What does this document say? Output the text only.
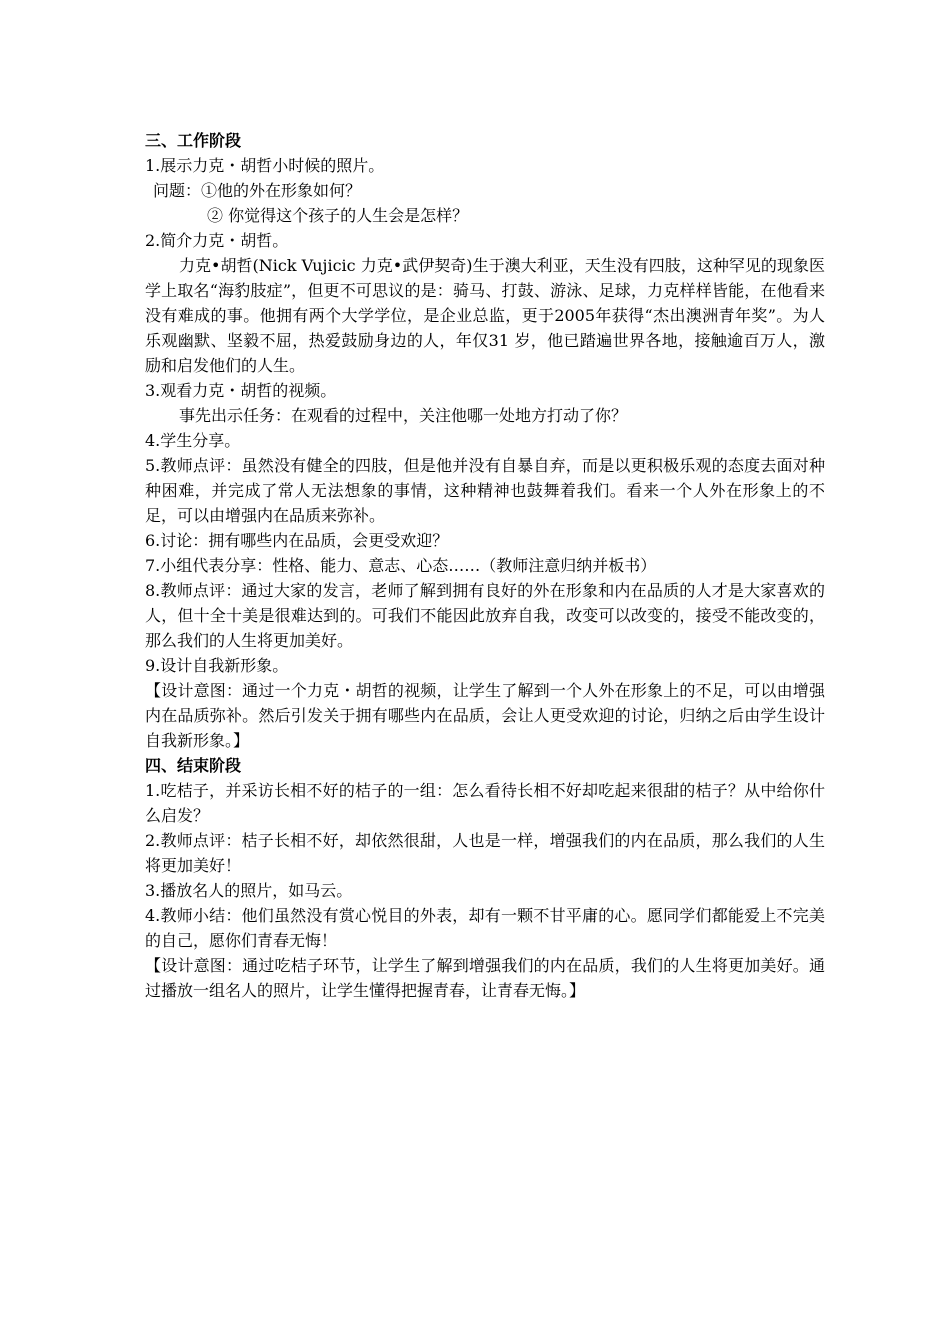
三、工作阶段
1.展示力克・胡哲小时候的照片。
问题：①他的外在形象如何？
② 你觉得这个孩子的人生会是怎样？
2.简介力克・胡哲。

力克•胡哲(Nick Vujicic 力克•武伊契奇)生于澳大利亚，天生没有四肢，这种罕见的现象医学上取名“海豹肢症”，但更不可思议的是：骑马、打鼓、游泳、足球，力克样样皆能，在他看来没有难成的事。他拥有两个大学学位，是企业总监，更于2005年获得“杰出澳洲青年奖”。为人乐观幽默、坚毅不屈，热爱鼓励身边的人，年仅31 岁，他已踏遍世界各地，接触逾百万人，激励和启发他们的人生。

3.观看力克・胡哲的视频。
事先出示任务：在观看的过程中，关注他哪一处地方打动了你？
4.学生分享。

5.教师点评：虽然没有健全的四肢，但是他并没有自暴自弃，而是以更积极乐观的态度去面对种种困难，并完成了常人无法想象的事情，这种精神也鼓舞着我们。看来一个人外在形象上的不足，可以由增强内在品质来弥补。

6.讨论：拥有哪些内在品质，会更受欢迎？
7.小组代表分享：性格、能力、意志、心态……（教师注意归纳并板书）

8.教师点评：通过大家的发言，老师了解到拥有良好的外在形象和内在品质的人才是大家喜欢的人，但十全十美是很难达到的。可我们不能因此放弃自我，改变可以改变的，接受不能改变的，那么我们的人生将更加美好。

9.设计自我新形象。

【设计意图：通过一个力克・胡哲的视频，让学生了解到一个人外在形象上的不足，可以由增强内在品质弥补。然后引发关于拥有哪些内在品质，会让人更受欢迎的讨论，归纳之后由学生设计自我新形象。】

四、结束阶段

1.吃桔子，并采访长相不好的桔子的一组：怎么看待长相不好却吃起来很甜的桔子？从中给你什么启发？

2.教师点评：桔子长相不好，却依然很甜，人也是一样，增强我们的内在品质，那么我们的人生将更加美好！

3.播放名人的照片，如马云。

4.教师小结：他们虽然没有赏心悦目的外表，却有一颗不甘平庸的心。愿同学们都能爱上不完美的自己，愿你们青春无悔！

【设计意图：通过吃桔子环节，让学生了解到增强我们的内在品质，我们的人生将更加美好。通过播放一组名人的照片，让学生懂得把握青春，让青春无悔。】
